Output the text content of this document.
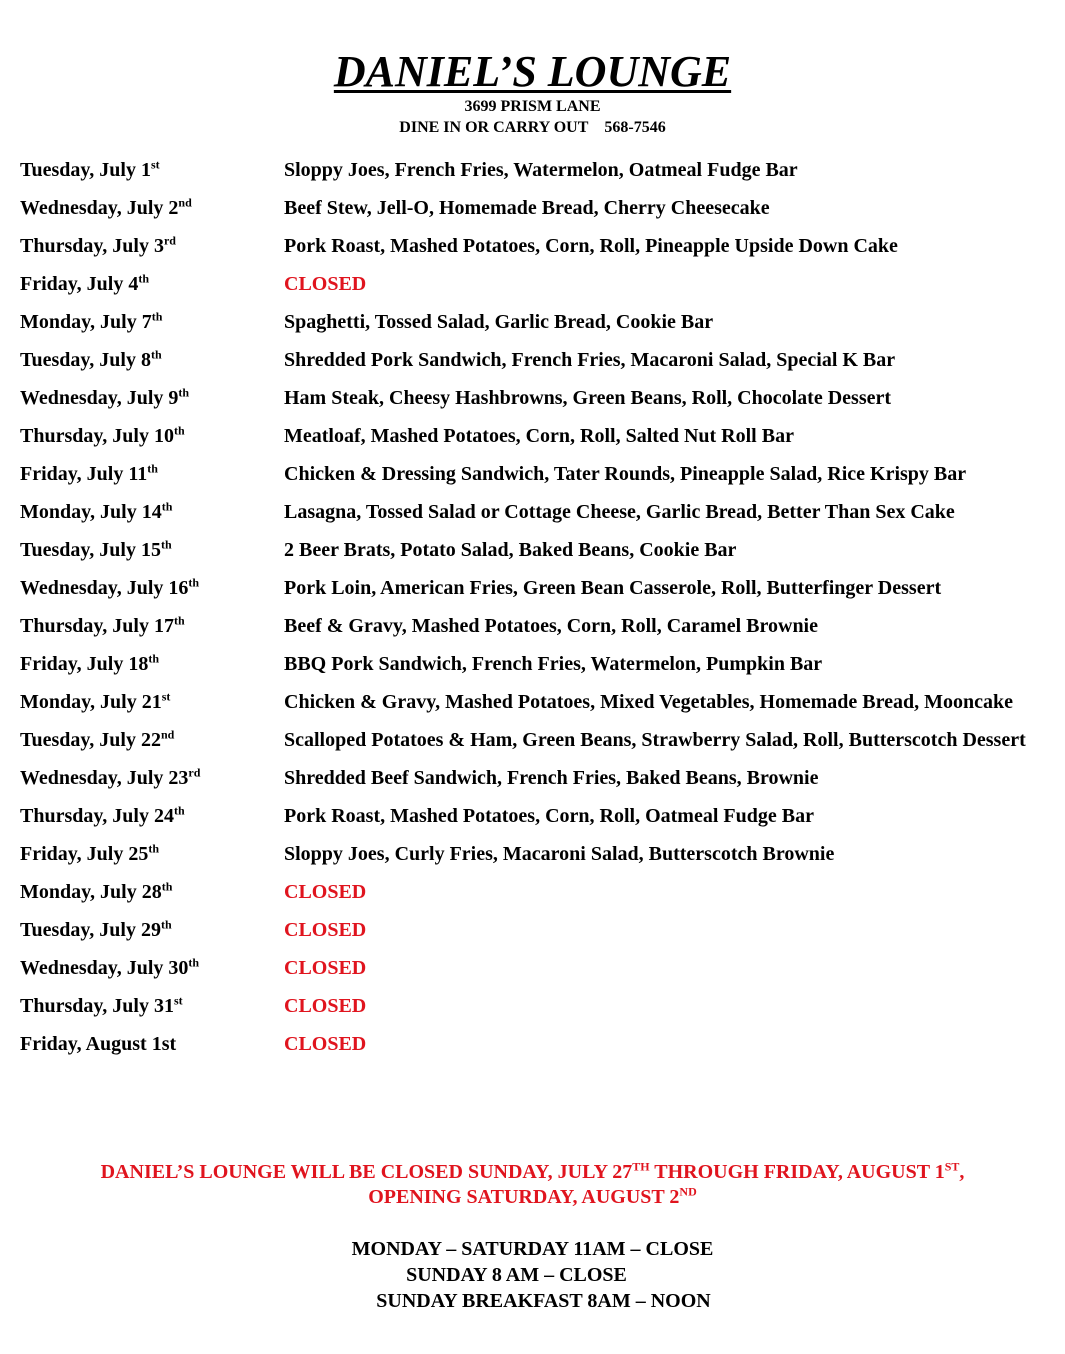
DANIEL’S LOUNGE
3699 PRISM LANE
DINE IN OR CARRY OUT 568-7546
Tuesday, July 1st	Sloppy Joes, French Fries, Watermelon, Oatmeal Fudge Bar
Wednesday, July 2nd	Beef Stew, Jell-O, Homemade Bread, Cherry Cheesecake
Thursday, July 3rd	Pork Roast, Mashed Potatoes, Corn, Roll, Pineapple Upside Down Cake
Friday, July 4th	CLOSED
Monday, July 7th	Spaghetti, Tossed Salad, Garlic Bread, Cookie Bar
Tuesday, July 8th	Shredded Pork Sandwich, French Fries, Macaroni Salad, Special K Bar
Wednesday, July 9th	Ham Steak, Cheesy Hashbrowns, Green Beans, Roll, Chocolate Dessert
Thursday, July 10th	Meatloaf, Mashed Potatoes, Corn, Roll, Salted Nut Roll Bar
Friday, July 11th	Chicken & Dressing Sandwich, Tater Rounds, Pineapple Salad, Rice Krispy Bar
Monday, July 14th	Lasagna, Tossed Salad or Cottage Cheese, Garlic Bread, Better Than Sex Cake
Tuesday, July 15th	2 Beer Brats, Potato Salad, Baked Beans, Cookie Bar
Wednesday, July 16th	Pork Loin, American Fries, Green Bean Casserole, Roll, Butterfinger Dessert
Thursday, July 17th	Beef & Gravy, Mashed Potatoes, Corn, Roll, Caramel Brownie
Friday, July 18th	BBQ Pork Sandwich, French Fries, Watermelon, Pumpkin Bar
Monday, July 21st	Chicken & Gravy, Mashed Potatoes, Mixed Vegetables, Homemade Bread, Mooncake
Tuesday, July 22nd	Scalloped Potatoes & Ham, Green Beans, Strawberry Salad, Roll, Butterscotch Dessert
Wednesday, July 23rd	Shredded Beef Sandwich, French Fries, Baked Beans, Brownie
Thursday, July 24th	Pork Roast, Mashed Potatoes, Corn, Roll, Oatmeal Fudge Bar
Friday, July 25th	Sloppy Joes, Curly Fries, Macaroni Salad, Butterscotch Brownie
Monday, July 28th	CLOSED
Tuesday, July 29th	CLOSED
Wednesday, July 30th	CLOSED
Thursday, July 31st	CLOSED
Friday, August 1st	CLOSED
DANIEL’S LOUNGE WILL BE CLOSED SUNDAY, JULY 27TH THROUGH FRIDAY, AUGUST 1ST,
OPENING SATURDAY, AUGUST 2ND
MONDAY – SATURDAY 11AM – CLOSE
SUNDAY 8 AM – CLOSE
SUNDAY BREAKFAST 8AM – NOON
